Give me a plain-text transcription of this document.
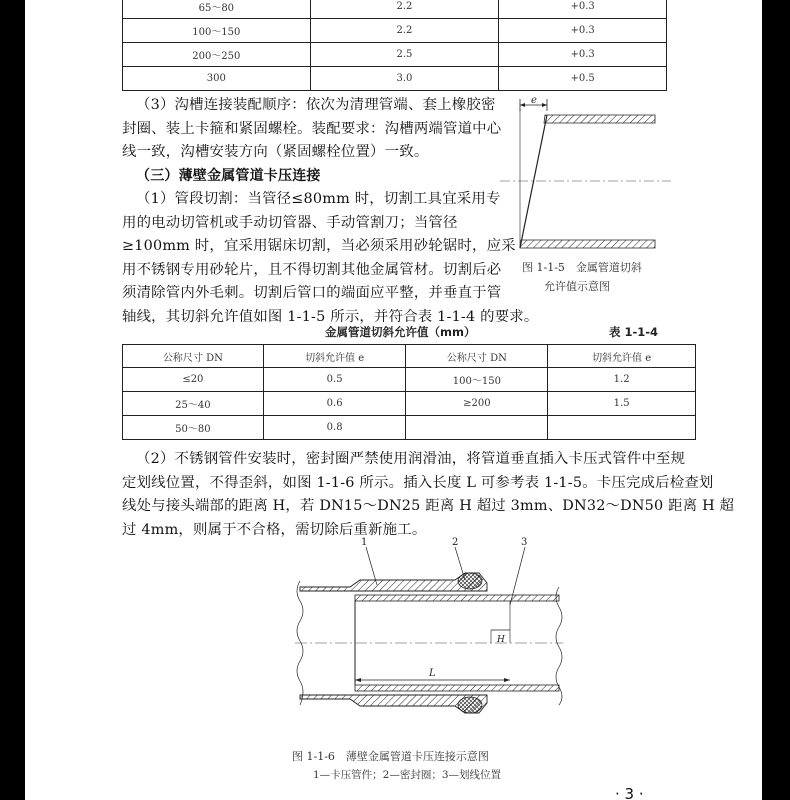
65～80	2.2	+0.3
100～150	2.2	+0.3
200～250	2.5	+0.3
300	3.0	+0.5
（3）沟槽连接装配顺序：依次为清理管端、套上橡胶密
封圈、装上卡箍和紧固螺栓。装配要求：沟槽两端管道中心
线一致，沟槽安装方向（紧固螺栓位置）一致。
（三）薄壁金属管道卡压连接
（1）管段切割：当管径≤80mm 时，切割工具宜采用专
用的电动切管机或手动切管器、手动管割刀；当管径
≥100mm 时，宜采用锯床切割，当必须采用砂轮锯时，应采
用不锈钢专用砂轮片，且不得切割其他金属管材。切割后必
须清除管内外毛刺。切割后管口的端面应平整，并垂直于管
轴线，其切斜允许值如图 1-1-5 所示，并符合表 1-1-4 的要求。
e
图 1-1-5　金属管道切斜
允许值示意图
金属管道切斜允许值（mm）	表 1-1-4
公称尺寸 DN	切斜允许值 e	公称尺寸 DN	切斜允许值 e
≤20	0.5	100～150	1.2
25～40	0.6	≥200	1.5
50～80	0.8		
（2）不锈钢管件安装时，密封圈严禁使用润滑油，将管道垂直插入卡压式管件中至规
定划线位置，不得歪斜，如图 1-1-6 所示。插入长度 L 可参考表 1-1-5。卡压完成后检查划
线处与接头端部的距离 H，若 DN15～DN25 距离 H 超过 3mm、DN32～DN50 距离 H 超
过 4mm，则属于不合格，需切除后重新施工。
1	2	3
H
L
图 1-1-6　薄壁金属管道卡压连接示意图
1—卡压管件；2—密封圈；3—划线位置
· 3 ·
